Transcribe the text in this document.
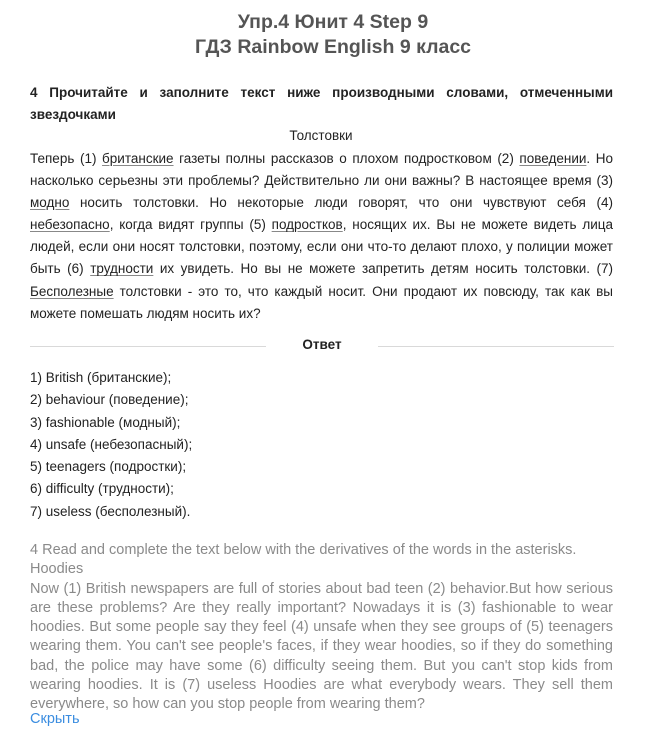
Упр.4 Юнит 4 Step 9
ГДЗ Rainbow English 9 класс
4 Прочитайте и заполните текст ниже производными словами, отмеченными звездочками
Толстовки
Теперь (1) британские газеты полны рассказов о плохом подростковом (2) поведении. Но насколько серьезны эти проблемы? Действительно ли они важны? В настоящее время (3) модно носить толстовки. Но некоторые люди говорят, что они чувствуют себя (4) небезопасно, когда видят группы (5) подростков, носящих их. Вы не можете видеть лица людей, если они носят толстовки, поэтому, если они что-то делают плохо, у полиции может быть (6) трудности их увидеть. Но вы не можете запретить детям носить толстовки. (7) Бесполезные толстовки - это то, что каждый носит. Они продают их повсюду, так как вы можете помешать людям носить их?
Ответ
1) British (британские);
2) behaviour (поведение);
3) fashionable (модный);
4) unsafe (небезопасный);
5) teenagers (подростки);
6) difficulty (трудности);
7) useless (бесполезный).
4 Read and complete the text below with the derivatives of the words in the asterisks.
Hoodies
Now (1) British newspapers are full of stories about bad teen (2) behavior.But how serious are these problems? Are they really important? Nowadays it is (3) fashionable to wear hoodies. But some people say they feel (4) unsafe when they see groups of (5) teenagers wearing them. You can't see people's faces, if they wear hoodies, so if they do something bad, the police may have some (6) difficulty seeing them. But you can't stop kids from wearing hoodies. It is (7) useless Hoodies are what everybody wears. They sell them everywhere, so how can you stop people from wearing them?
Скрыть
